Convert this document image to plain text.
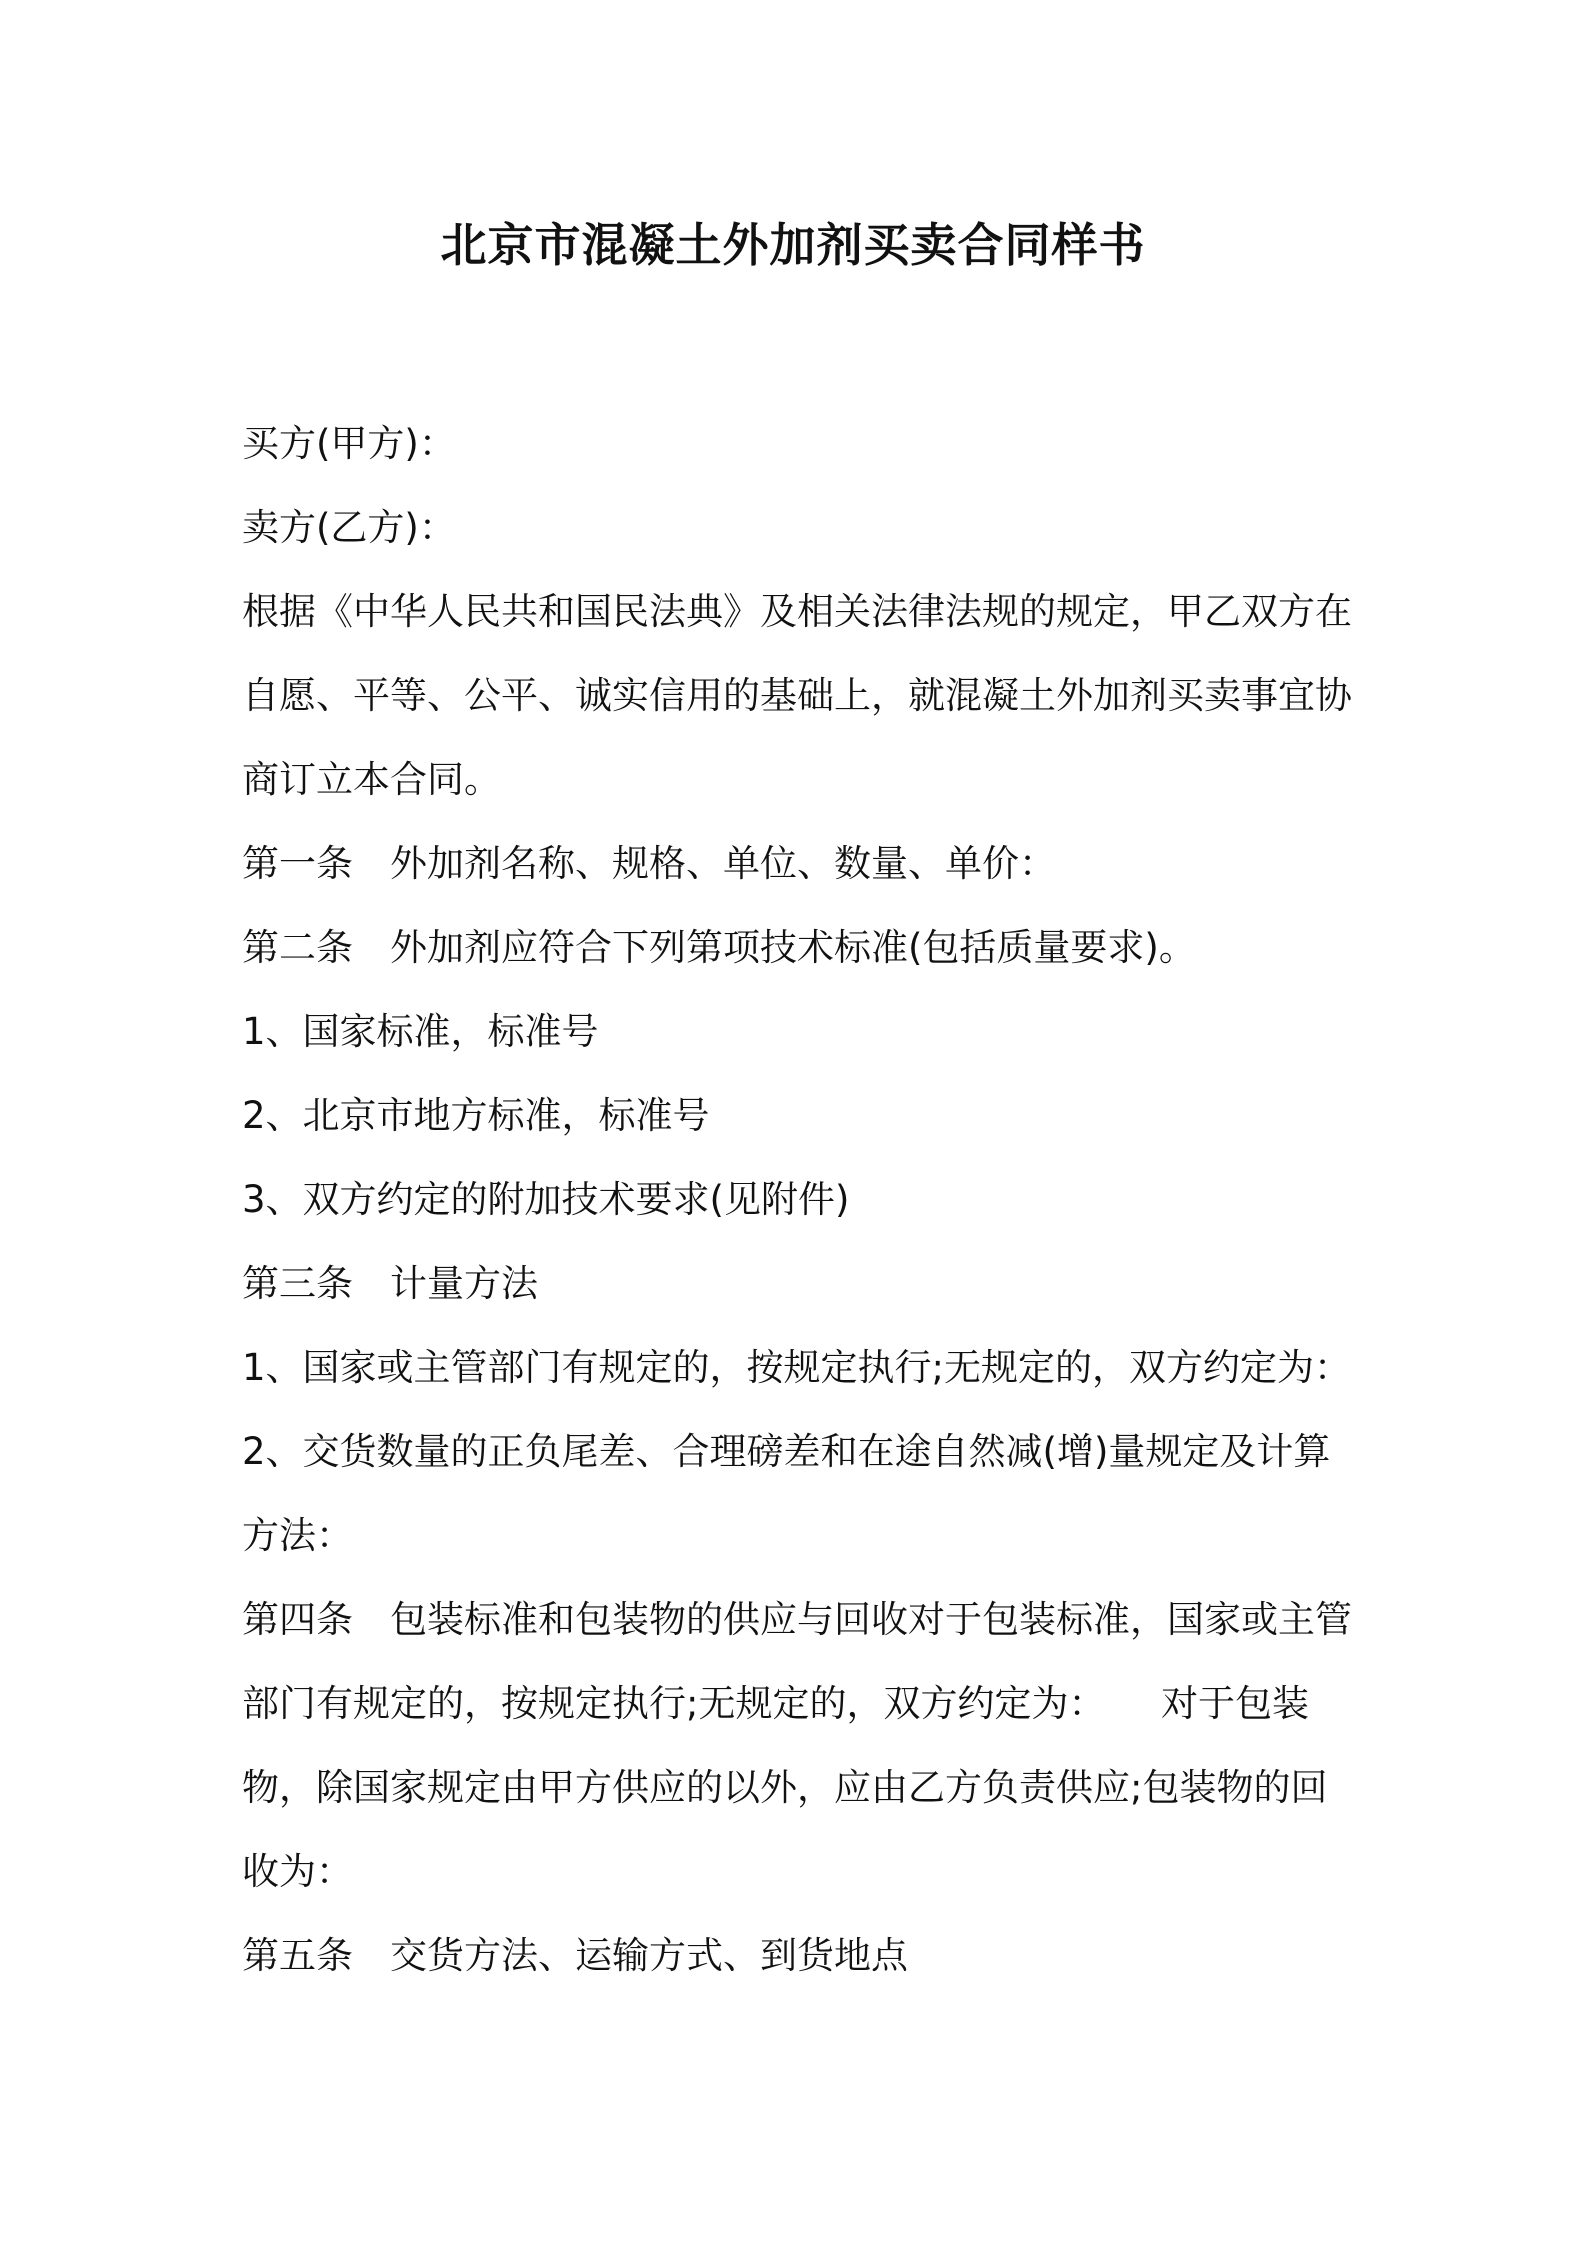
北京市混凝土外加剂买卖合同样书
买方(甲方)：
卖方(乙方)：
根据《中华人民共和国民法典》及相关法律法规的规定，甲乙双方在
自愿、平等、公平、诚实信用的基础上，就混凝土外加剂买卖事宜协
商订立本合同。
第一条　外加剂名称、规格、单位、数量、单价：
第二条　外加剂应符合下列第项技术标准(包括质量要求)。
1、国家标准，标准号
2、北京市地方标准，标准号
3、双方约定的附加技术要求(见附件)
第三条　计量方法
1、国家或主管部门有规定的，按规定执行;无规定的，双方约定为：
2、交货数量的正负尾差、合理磅差和在途自然减(增)量规定及计算
方法：
第四条　包装标准和包装物的供应与回收对于包装标准，国家或主管
部门有规定的，按规定执行;无规定的，双方约定为：　　对于包装
物，除国家规定由甲方供应的以外，应由乙方负责供应;包装物的回
收为：
第五条　交货方法、运输方式、到货地点
